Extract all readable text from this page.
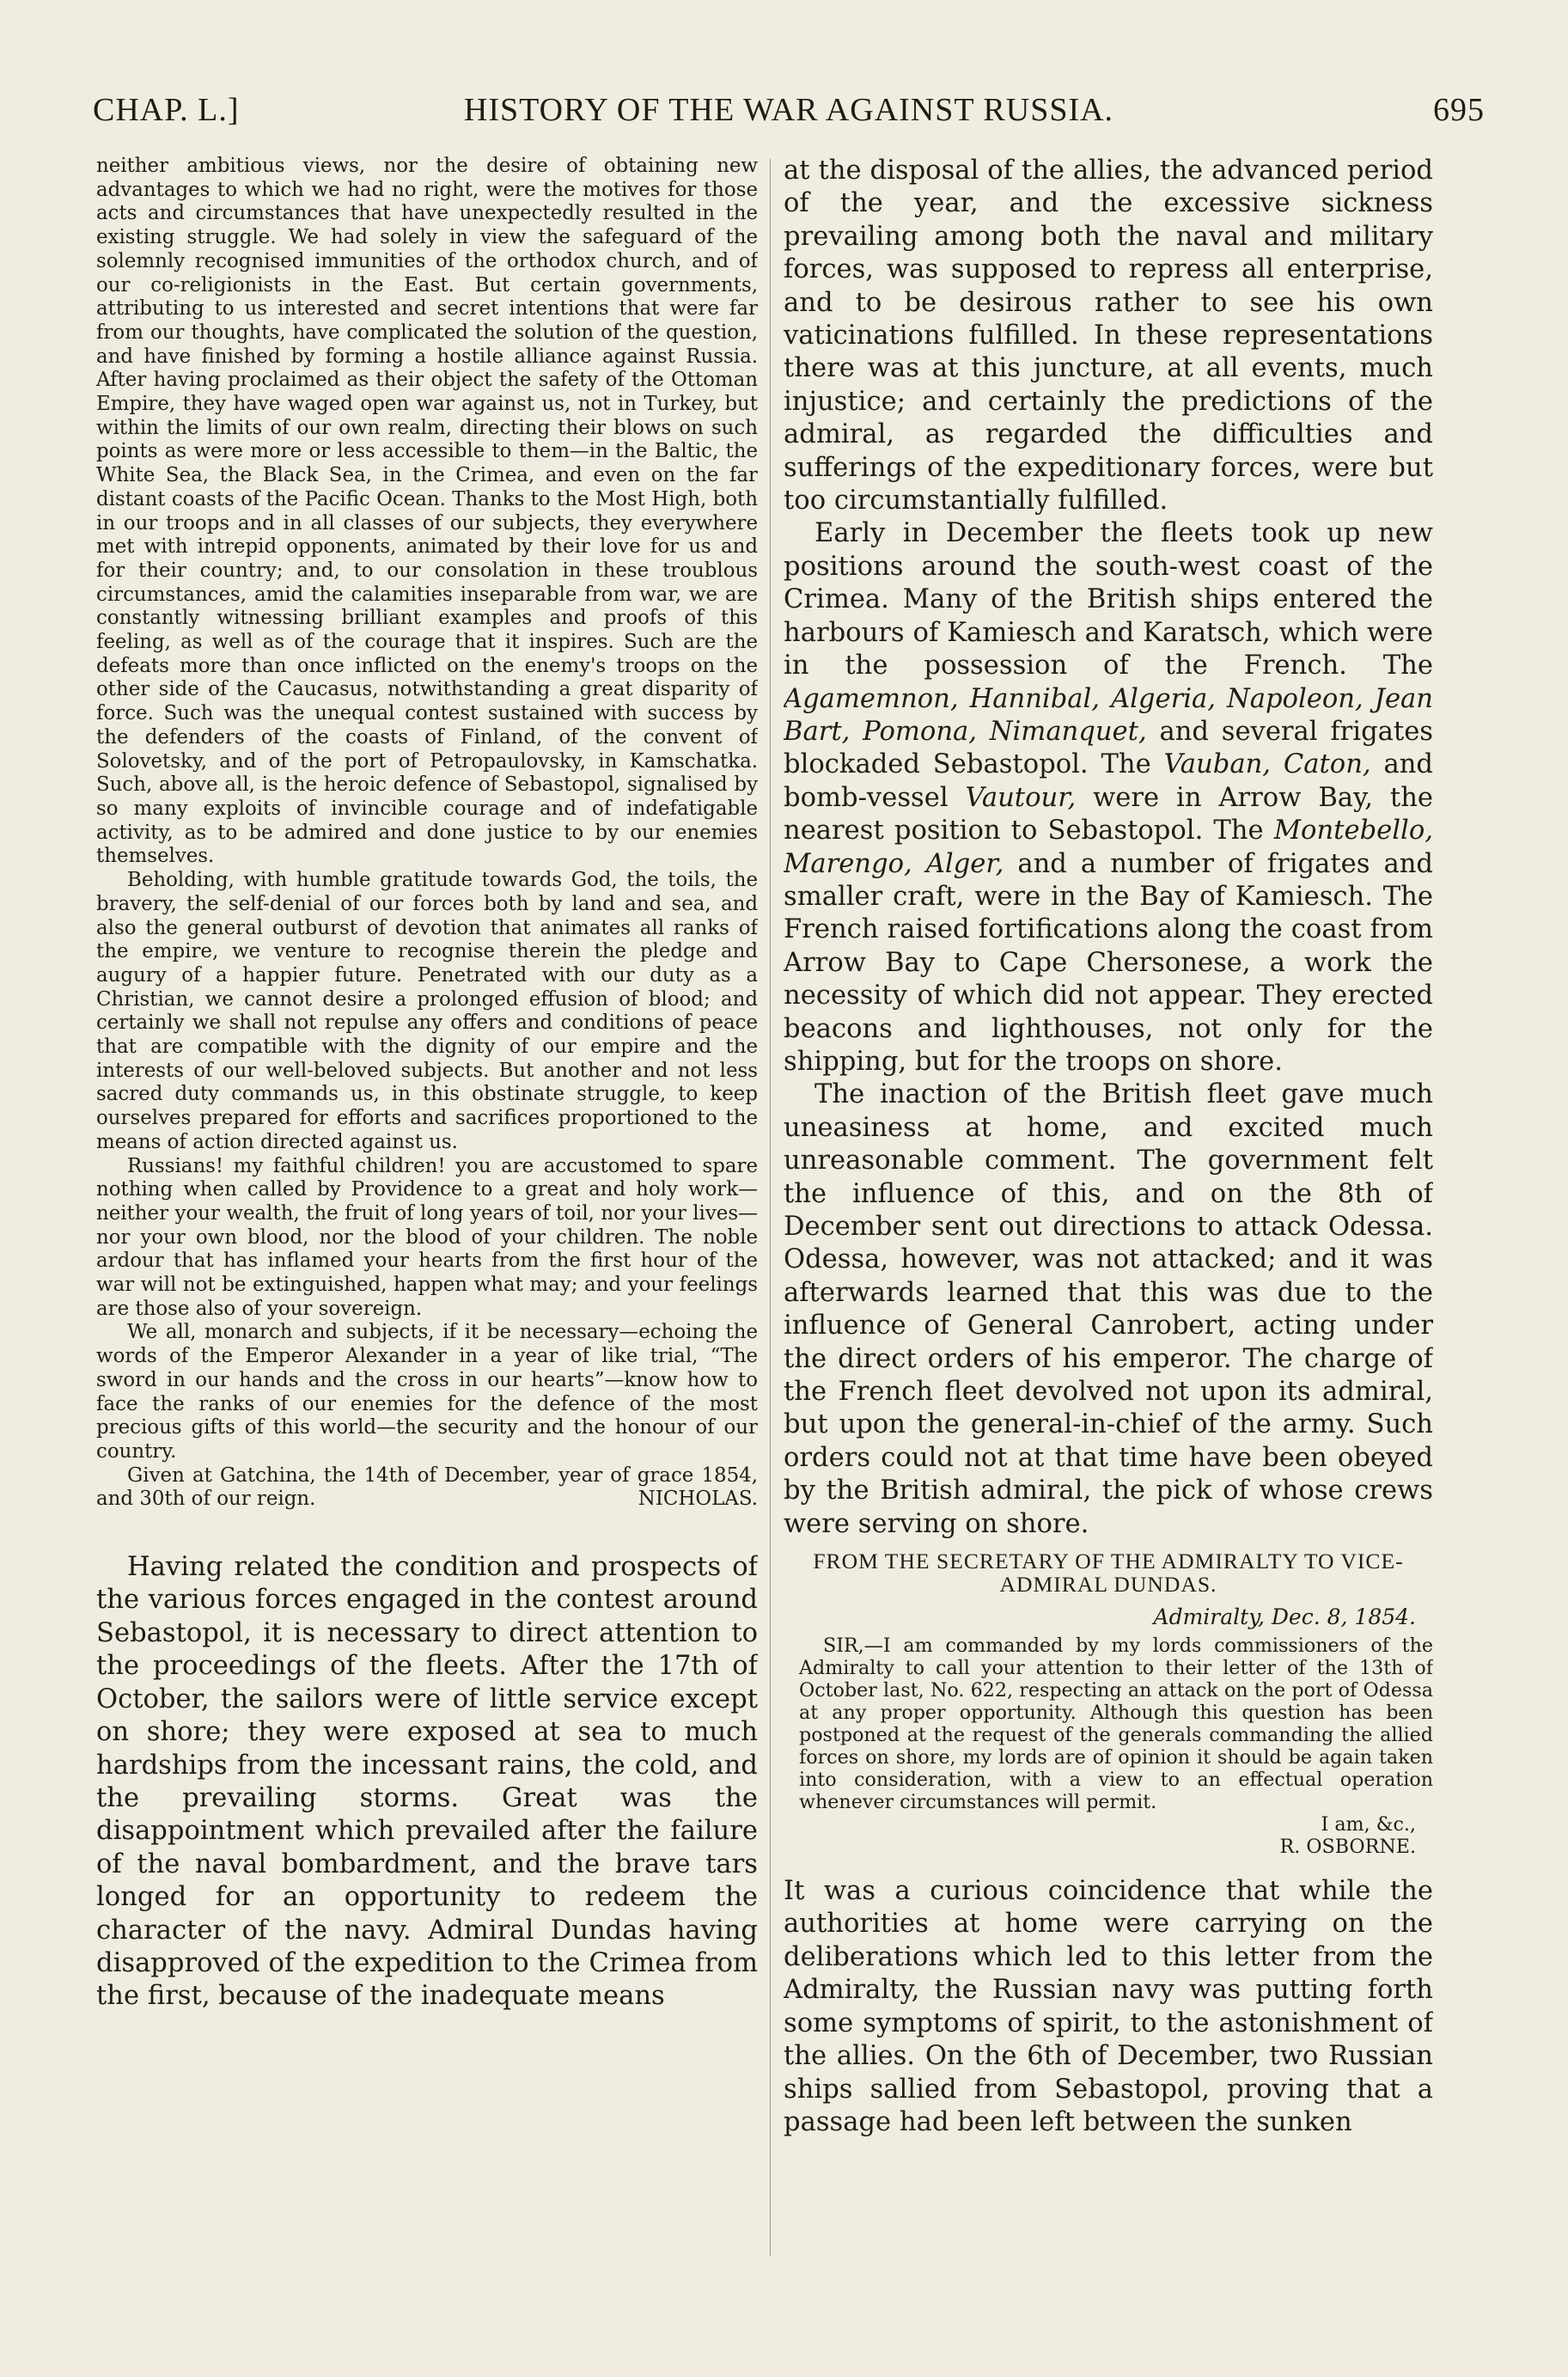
CHAP. L.]	HISTORY OF THE WAR AGAINST RUSSIA.	695

neither ambitious views, nor the desire of obtaining new advantages to which we had no right, were the motives for those acts and circumstances that have unexpectedly resulted in the existing struggle. We had solely in view the safeguard of the solemnly recognised immunities of the orthodox church, and of our co-religionists in the East. But certain governments, attributing to us interested and secret intentions that were far from our thoughts, have complicated the solution of the question, and have finished by forming a hostile alliance against Russia. After having proclaimed as their object the safety of the Ottoman Empire, they have waged open war against us, not in Turkey, but within the limits of our own realm, directing their blows on such points as were more or less accessible to them—in the Baltic, the White Sea, the Black Sea, in the Crimea, and even on the far distant coasts of the Pacific Ocean. Thanks to the Most High, both in our troops and in all classes of our subjects, they everywhere met with intrepid opponents, animated by their love for us and for their country; and, to our consolation in these troublous circumstances, amid the calamities inseparable from war, we are constantly witnessing brilliant examples and proofs of this feeling, as well as of the courage that it inspires. Such are the defeats more than once inflicted on the enemy's troops on the other side of the Caucasus, notwithstanding a great disparity of force. Such was the unequal contest sustained with success by the defenders of the coasts of Finland, of the convent of Solovetsky, and of the port of Petropaulovsky, in Kamschatka. Such, above all, is the heroic defence of Sebastopol, signalised by so many exploits of invincible courage and of indefatigable activity, as to be admired and done justice to by our enemies themselves.

Beholding, with humble gratitude towards God, the toils, the bravery, the self-denial of our forces both by land and sea, and also the general outburst of devotion that animates all ranks of the empire, we venture to recognise therein the pledge and augury of a happier future. Penetrated with our duty as a Christian, we cannot desire a prolonged effusion of blood; and certainly we shall not repulse any offers and conditions of peace that are compatible with the dignity of our empire and the interests of our well-beloved subjects. But another and not less sacred duty commands us, in this obstinate struggle, to keep ourselves prepared for efforts and sacrifices proportioned to the means of action directed against us.

Russians! my faithful children! you are accustomed to spare nothing when called by Providence to a great and holy work—neither your wealth, the fruit of long years of toil, nor your lives—nor your own blood, nor the blood of your children. The noble ardour that has inflamed your hearts from the first hour of the war will not be extinguished, happen what may; and your feelings are those also of your sovereign.

We all, monarch and subjects, if it be necessary—echoing the words of the Emperor Alexander in a year of like trial, “The sword in our hands and the cross in our hearts”—know how to face the ranks of our enemies for the defence of the most precious gifts of this world—the security and the honour of our country.

Given at Gatchina, the 14th of December, year of grace 1854, and 30th of our reign.	NICHOLAS.

Having related the condition and prospects of the various forces engaged in the contest around Sebastopol, it is necessary to direct attention to the proceedings of the fleets. After the 17th of October, the sailors were of little service except on shore; they were exposed at sea to much hardships from the incessant rains, the cold, and the prevailing storms. Great was the disappointment which prevailed after the failure of the naval bombardment, and the brave tars longed for an opportunity to redeem the character of the navy. Admiral Dundas having disapproved of the expedition to the Crimea from the first, because of the inadequate means

at the disposal of the allies, the advanced period of the year, and the excessive sickness prevailing among both the naval and military forces, was supposed to repress all enterprise, and to be desirous rather to see his own vaticinations fulfilled. In these representations there was at this juncture, at all events, much injustice; and certainly the predictions of the admiral, as regarded the difficulties and sufferings of the expeditionary forces, were but too circumstantially fulfilled.

Early in December the fleets took up new positions around the south-west coast of the Crimea. Many of the British ships entered the harbours of Kamiesch and Karatsch, which were in the possession of the French. The Agamemnon, Hannibal, Algeria, Napoleon, Jean Bart, Pomona, Nimanquet, and several frigates blockaded Sebastopol. The Vauban, Caton, and bomb-vessel Vautour, were in Arrow Bay, the nearest position to Sebastopol. The Montebello, Marengo, Alger, and a number of frigates and smaller craft, were in the Bay of Kamiesch. The French raised fortifications along the coast from Arrow Bay to Cape Chersonese, a work the necessity of which did not appear. They erected beacons and lighthouses, not only for the shipping, but for the troops on shore.

The inaction of the British fleet gave much uneasiness at home, and excited much unreasonable comment. The government felt the influence of this, and on the 8th of December sent out directions to attack Odessa. Odessa, however, was not attacked; and it was afterwards learned that this was due to the influence of General Canrobert, acting under the direct orders of his emperor. The charge of the French fleet devolved not upon its admiral, but upon the general-in-chief of the army. Such orders could not at that time have been obeyed by the British admiral, the pick of whose crews were serving on shore.

FROM THE SECRETARY OF THE ADMIRALTY TO VICE-ADMIRAL DUNDAS.
Admiralty, Dec. 8, 1854.

SIR,—I am commanded by my lords commissioners of the Admiralty to call your attention to their letter of the 13th of October last, No. 622, respecting an attack on the port of Odessa at any proper opportunity. Although this question has been postponed at the request of the generals commanding the allied forces on shore, my lords are of opinion it should be again taken into consideration, with a view to an effectual operation whenever circumstances will permit.

I am, &c.,
R. OSBORNE.

It was a curious coincidence that while the authorities at home were carrying on the deliberations which led to this letter from the Admiralty, the Russian navy was putting forth some symptoms of spirit, to the astonishment of the allies. On the 6th of December, two Russian ships sallied from Sebastopol, proving that a passage had been left between the sunken
